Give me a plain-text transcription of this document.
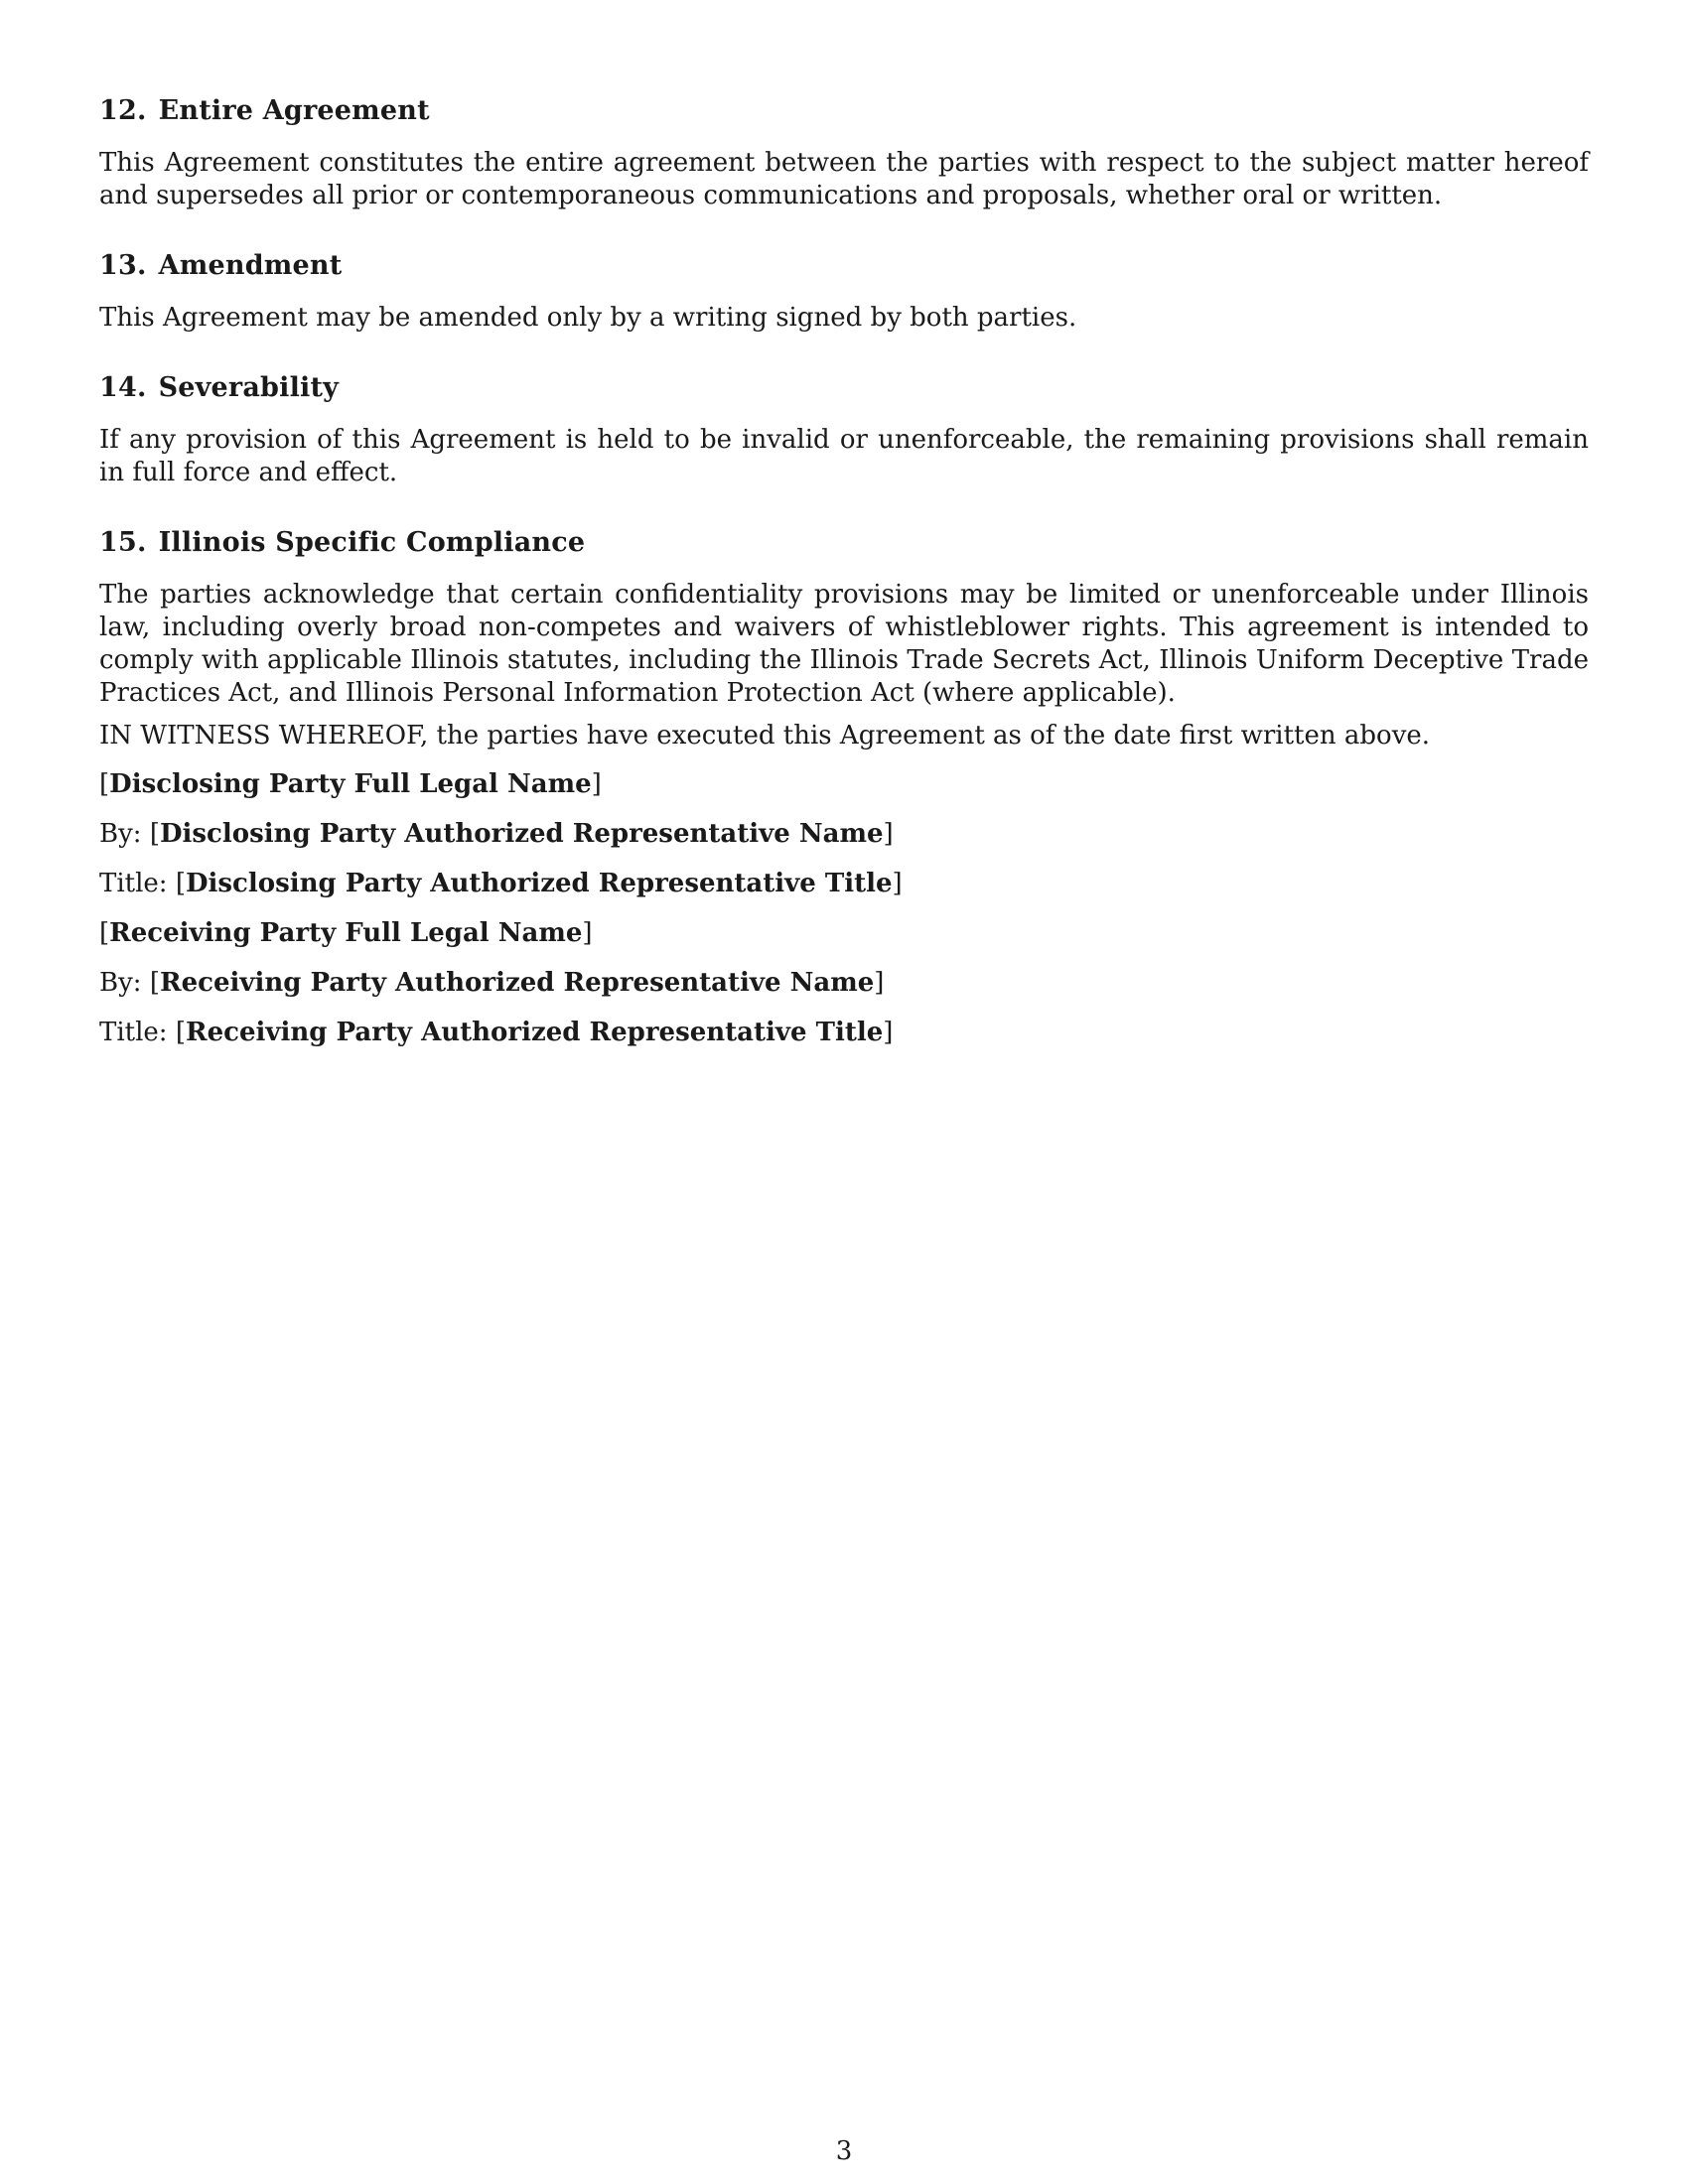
12. Entire Agreement

This Agreement constitutes the entire agreement between the parties with respect to the subject matter hereof and supersedes all prior or contemporaneous communications and proposals, whether oral or written.

13. Amendment

This Agreement may be amended only by a writing signed by both parties.

14. Severability

If any provision of this Agreement is held to be invalid or unenforceable, the remaining provisions shall remain in full force and effect.

15. Illinois Specific Compliance

The parties acknowledge that certain confidentiality provisions may be limited or unenforceable under Illinois law, including overly broad non-competes and waivers of whistleblower rights. This agreement is intended to comply with applicable Illinois statutes, including the Illinois Trade Secrets Act, Illinois Uniform Deceptive Trade Practices Act, and Illinois Personal Information Protection Act (where applicable).

IN WITNESS WHEREOF, the parties have executed this Agreement as of the date first written above.

[Disclosing Party Full Legal Name]

By: [Disclosing Party Authorized Representative Name]

Title: [Disclosing Party Authorized Representative Title]

[Receiving Party Full Legal Name]

By: [Receiving Party Authorized Representative Name]

Title: [Receiving Party Authorized Representative Title]

3
